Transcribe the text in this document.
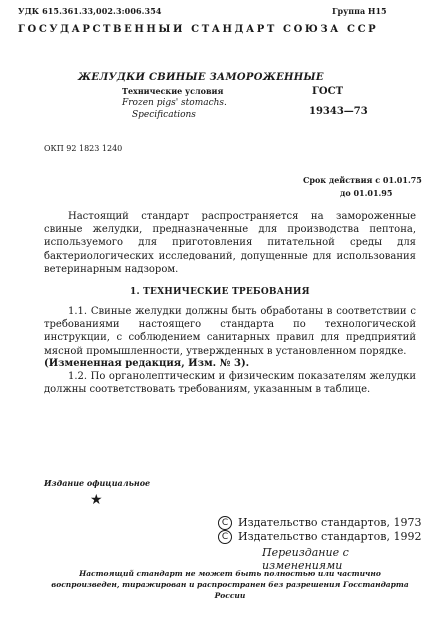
УДК 615.361.33,002.3:006.354	Группа Н15
ГОСУДАРСТВЕННЫЙ СТАНДАРТ СОЮЗА ССР
ЖЕЛУДКИ СВИНЫЕ ЗАМОРОЖЕННЫЕ
Технические условия
Frozen pigs' stomachs.
Specifications
ГОСТ
19343—73
ОКП 92 1823 1240
Срок действия с 01.01.75
до 01.01.95
Настоящий стандарт распространяется на замороженные свиные желудки, предназначенные для производства пептона, используемого для приготовления питательной среды для бактериологических исследований, допущенные для использования ветеринарным надзором.
1. ТЕХНИЧЕСКИЕ ТРЕБОВАНИЯ
1.1. Свиные желудки должны быть обработаны в соответствии с требованиями настоящего стандарта по технологической инструкции, с соблюдением санитарных правил для предприятий мясной промышленности, утвержденных в установленном порядке.
(Измененная редакция, Изм. № 3).
1.2. По органолептическим и физическим показателям желудки должны соответствовать требованиям, указанным в таблице.
Издание официальное
★
C Издательство стандартов, 1973
C Издательство стандартов, 1992
Переиздание с изменениями
Настоящий стандарт не может быть полностью или частично воспроизведен, тиражирован и распространен без разрешения Госстандарта России
